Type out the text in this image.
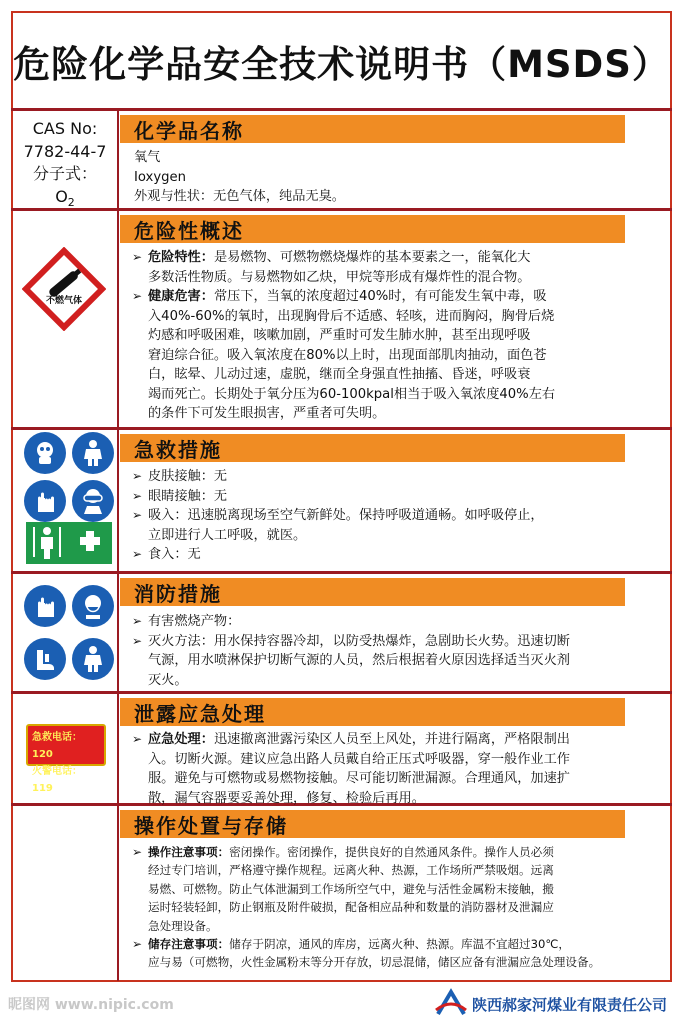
危险化学品安全技术说明书（MSDS）
CAS No:
7782-44-7
分子式：
$O_2$
化学品名称
氧气
Ioxygen
外观与性状：无色气体，纯品无臭。
危险性概述
不燃气体
➢ 危险特性：是易燃物、可燃物燃烧爆炸的基本要素之一，能氧化大
多数活性物质。与易燃物如乙炔，甲烷等形成有爆炸性的混合物。
➢ 健康危害：常压下，当氧的浓度超过40%时，有可能发生氧中毒，吸
入40%-60%的氧时，出现胸骨后不适感、轻咳，进而胸闷，胸骨后烧
灼感和呼吸困难，咳嗽加剧，严重时可发生肺水肿，甚至出现呼吸
窘迫综合征。吸入氧浓度在80%以上时，出现面部肌肉抽动，面色苍
白，眩晕、儿动过速，虚脱，继而全身强直性抽搐、昏迷，呼吸衰
竭而死亡。长期处于氧分压为60-100kpal相当于吸入氧浓度40%左右
的条件下可发生眼损害，严重者可失明。
急救措施
➢ 皮肤接触：无
➢ 眼睛接触：无
➢ 吸入：迅速脱离现场至空气新鲜处。保持呼吸道通畅。如呼吸停止，
立即进行人工呼吸，就医。
➢ 食入：无
消防措施
➢ 有害燃烧产物：
➢ 灭火方法：用水保持容器冷却，以防受热爆炸，急剧助长火势。迅速切断
气源，用水喷淋保护切断气源的人员，然后根据着火原因选择适当灭火剂
灭火。
泄露应急处理
急救电话：120
火警电话：119
➢ 应急处理：迅速撤离泄露污染区人员至上风处，并进行隔离，严格限制出
入。切断火源。建议应急出路人员戴自给正压式呼吸器，穿一般作业工作
服。避免与可燃物或易燃物接触。尽可能切断泄漏源。合理通风，加速扩
散，漏气容器要妥善处理，修复、检验后再用。
操作处置与存储
➢ 操作注意事项：密闭操作。密闭操作，提供良好的自然通风条件。操作人员必须
经过专门培训，严格遵守操作规程。远离火种、热源，工作场所严禁吸烟。远离
易燃、可燃物。防止气体泄漏到工作场所空气中，避免与活性金属粉末接触，搬
运时轻装轻卸，防止钢瓶及附件破损，配备相应品种和数量的消防器材及泄漏应
急处理设备。
➢ 储存注意事项：储存于阴凉，通风的库房，远离火种、热源。库温不宜超过30℃，
应与易（可燃物，火性金属粉末等分开存放，切忌混储，储区应备有泄漏应急处理设备。
昵图网 www.nipic.com	陕西郝家河煤业有限责任公司
